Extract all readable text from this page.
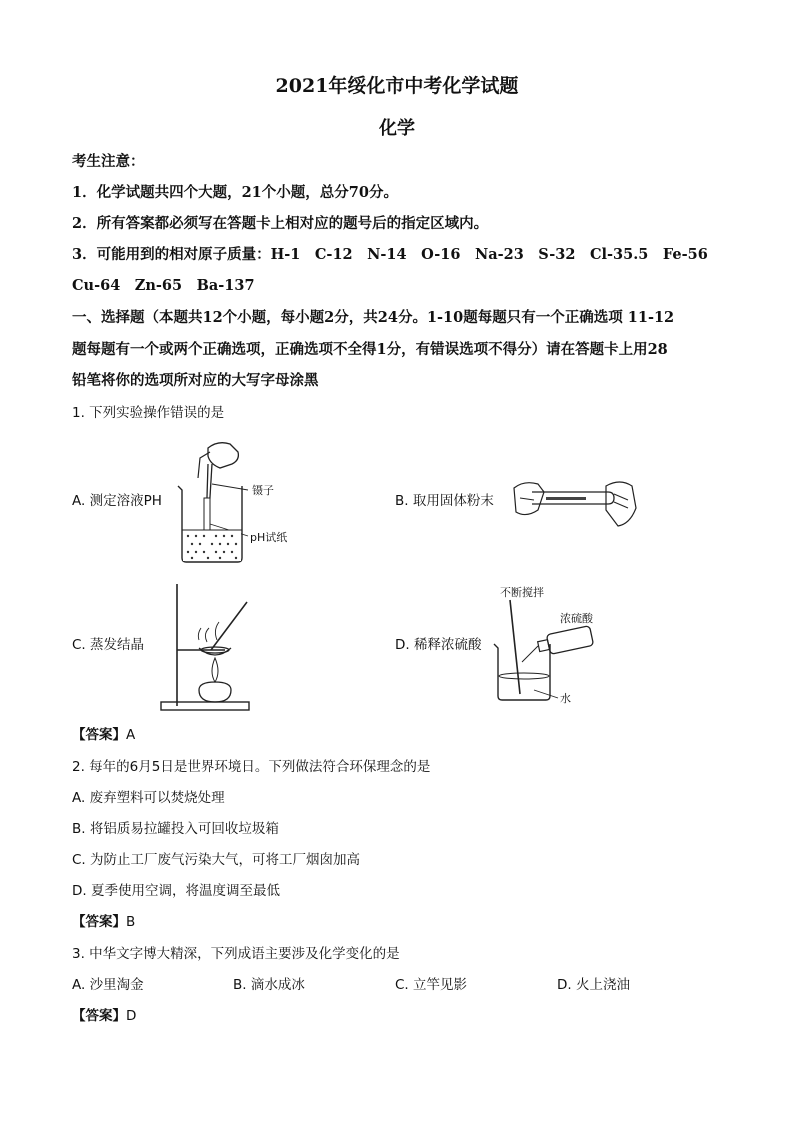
2021年绥化市中考化学试题
化学
考生注意：
1．化学试题共四个大题，21个小题，总分70分。
2．所有答案都必须写在答题卡上相对应的题号后的指定区域内。
3．可能用到的相对原子质量：H-1　C-12　N-14　O-16　Na-23　S-32　Cl-35.5　Fe-56
Cu-64　Zn-65　Ba-137
一、选择题（本题共12个小题，每小题2分，共24分。1-10题每题只有一个正确选项 11-12
题每题有一个或两个正确选项，正确选项不全得1分，有错误选项不得分）请在答题卡上用28
铅笔将你的选项所对应的大写字母涂黑
1. 下列实验操作错误的是
A. 测定溶液PH
镊子
pH试纸
B. 取用固体粉末
C. 蒸发结晶	D. 稀释浓硫酸
不断搅拌
浓硫酸
水
【答案】A
2. 每年的6月5日是世界环境日。下列做法符合环保理念的是
A. 废弃塑料可以焚烧处理
B. 将铝质易拉罐投入可回收垃圾箱
C. 为防止工厂废气污染大气，可将工厂烟囱加高
D. 夏季使用空调，将温度调至最低
【答案】B
3. 中华文字博大精深，下列成语主要涉及化学变化的是
A. 沙里淘金	B. 滴水成冰	C. 立竿见影	D. 火上浇油
【答案】D
